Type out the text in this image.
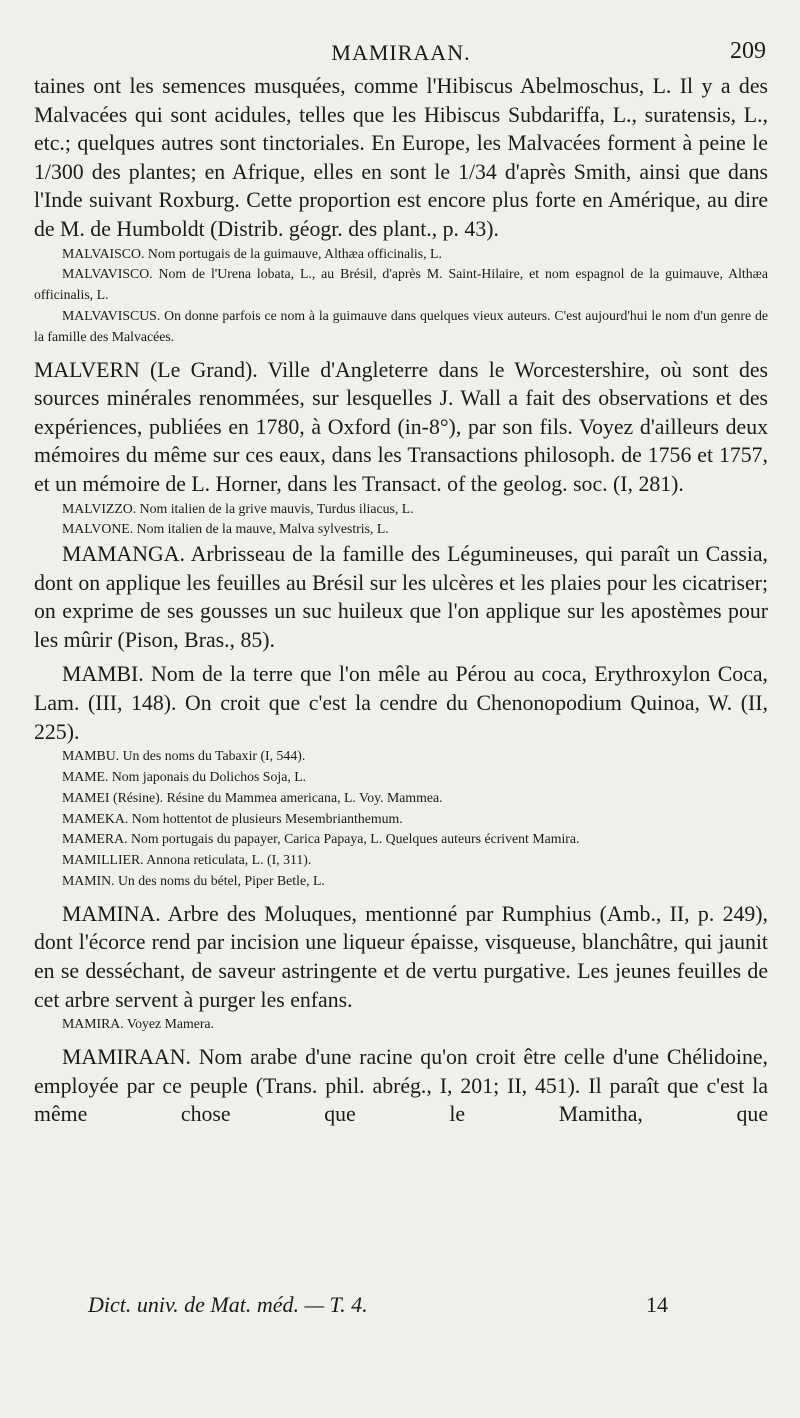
MAMIRAAN.	209

taines ont les semences musquées, comme l'Hibiscus Abelmoschus, L. Il y a des Malvacées qui sont acidules, telles que les Hibiscus Subdariffa, L., suratensis, L., etc.; quelques autres sont tinctoriales. En Europe, les Malvacées forment à peine le 1/300 des plantes; en Afrique, elles en sont le 1/34 d'après Smith, ainsi que dans l'Inde suivant Roxburg. Cette proportion est encore plus forte en Amérique, au dire de M. de Humboldt (Distrib. géogr. des plant., p. 43).

MALVAISCO. Nom portugais de la guimauve, Althæa officinalis, L.

MALVAVISCO. Nom de l'Urena lobata, L., au Brésil, d'après M. Saint-Hilaire, et nom espagnol de la guimauve, Althæa officinalis, L.

MALVAVISCUS. On donne parfois ce nom à la guimauve dans quelques vieux auteurs. C'est aujourd'hui le nom d'un genre de la famille des Malvacées.

MALVERN (Le Grand). Ville d'Angleterre dans le Worcestershire, où sont des sources minérales renommées, sur lesquelles J. Wall a fait des observations et des expériences, publiées en 1780, à Oxford (in-8°), par son fils. Voyez d'ailleurs deux mémoires du même sur ces eaux, dans les Transactions philosoph. de 1756 et 1757, et un mémoire de L. Horner, dans les Transact. of the geolog. soc. (I, 281).

MALVIZZO. Nom italien de la grive mauvis, Turdus iliacus, L.

MALVONE. Nom italien de la mauve, Malva sylvestris, L.

MAMANGA. Arbrisseau de la famille des Légumineuses, qui paraît un Cassia, dont on applique les feuilles au Brésil sur les ulcères et les plaies pour les cicatriser; on exprime de ses gousses un suc huileux que l'on applique sur les apostèmes pour les mûrir (Pison, Bras., 85).

MAMBI. Nom de la terre que l'on mêle au Pérou au coca, Erythroxylon Coca, Lam. (III, 148). On croit que c'est la cendre du Chenonopodium Quinoa, W. (II, 225).

MAMBU. Un des noms du Tabaxir (I, 544).

MAME. Nom japonais du Dolichos Soja, L.

MAMEI (Résine). Résine du Mammea americana, L. Voy. Mammea.

MAMEKA. Nom hottentot de plusieurs Mesembrianthemum.

MAMERA. Nom portugais du papayer, Carica Papaya, L. Quelques auteurs écrivent Mamira.

MAMILLIER. Annona reticulata, L. (I, 311).

MAMIN. Un des noms du bétel, Piper Betle, L.

MAMINA. Arbre des Moluques, mentionné par Rumphius (Amb., II, p. 249), dont l'écorce rend par incision une liqueur épaisse, visqueuse, blanchâtre, qui jaunit en se desséchant, de saveur astringente et de vertu purgative. Les jeunes feuilles de cet arbre servent à purger les enfans.

MAMIRA. Voyez Mamera.

MAMIRAAN. Nom arabe d'une racine qu'on croit être celle d'une Chélidoine, employée par ce peuple (Trans. phil. abrég., I, 201; II, 451). Il paraît que c'est la même chose que le Mamitha, que

Dict. univ. de Mat. méd. — T. 4.	14
